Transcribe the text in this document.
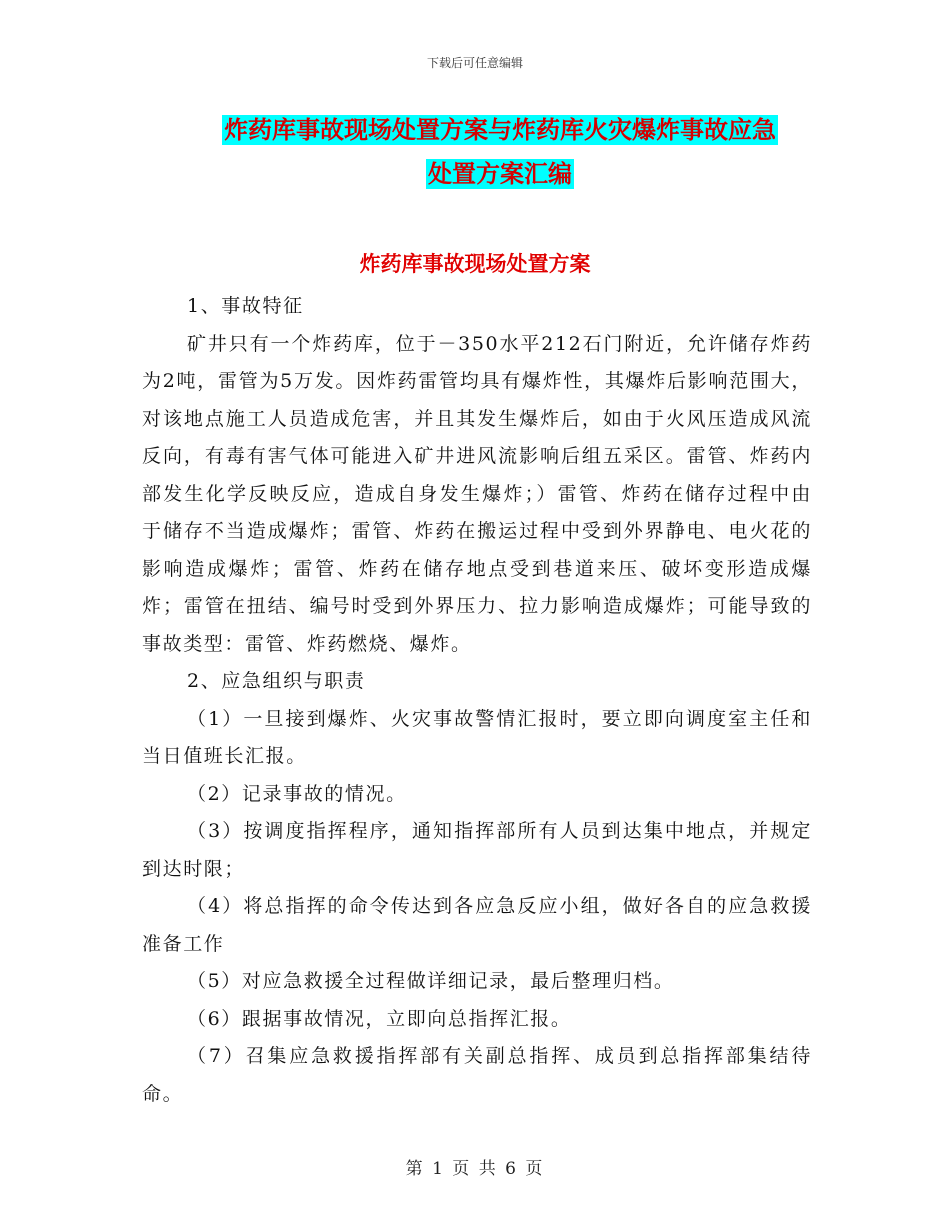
下载后可任意编辑
炸药库事故现场处置方案与炸药库火灾爆炸事故应急
处置方案汇编
炸药库事故现场处置方案

1、事故特征

矿井只有一个炸药库，位于－350水平212石门附近，允许储存炸药为2吨，雷管为5万发。因炸药雷管均具有爆炸性，其爆炸后影响范围大，对该地点施工人员造成危害，并且其发生爆炸后，如由于火风压造成风流反向，有毒有害气体可能进入矿井进风流影响后组五采区。雷管、炸药内部发生化学反映反应，造成自身发生爆炸；）雷管、炸药在储存过程中由于储存不当造成爆炸；雷管、炸药在搬运过程中受到外界静电、电火花的影响造成爆炸；雷管、炸药在储存地点受到巷道来压、破坏变形造成爆炸；雷管在扭结、编号时受到外界压力、拉力影响造成爆炸；可能导致的事故类型：雷管、炸药燃烧、爆炸。

2、应急组织与职责

（1）一旦接到爆炸、火灾事故警情汇报时，要立即向调度室主任和当日值班长汇报。

（2）记录事故的情况。

（3）按调度指挥程序，通知指挥部所有人员到达集中地点，并规定到达时限；

（4）将总指挥的命令传达到各应急反应小组，做好各自的应急救援准备工作

（5）对应急救援全过程做详细记录，最后整理归档。

（6）跟据事故情况，立即向总指挥汇报。

（7）召集应急救援指挥部有关副总指挥、成员到总指挥部集结待命。

第 1 页 共 6 页
